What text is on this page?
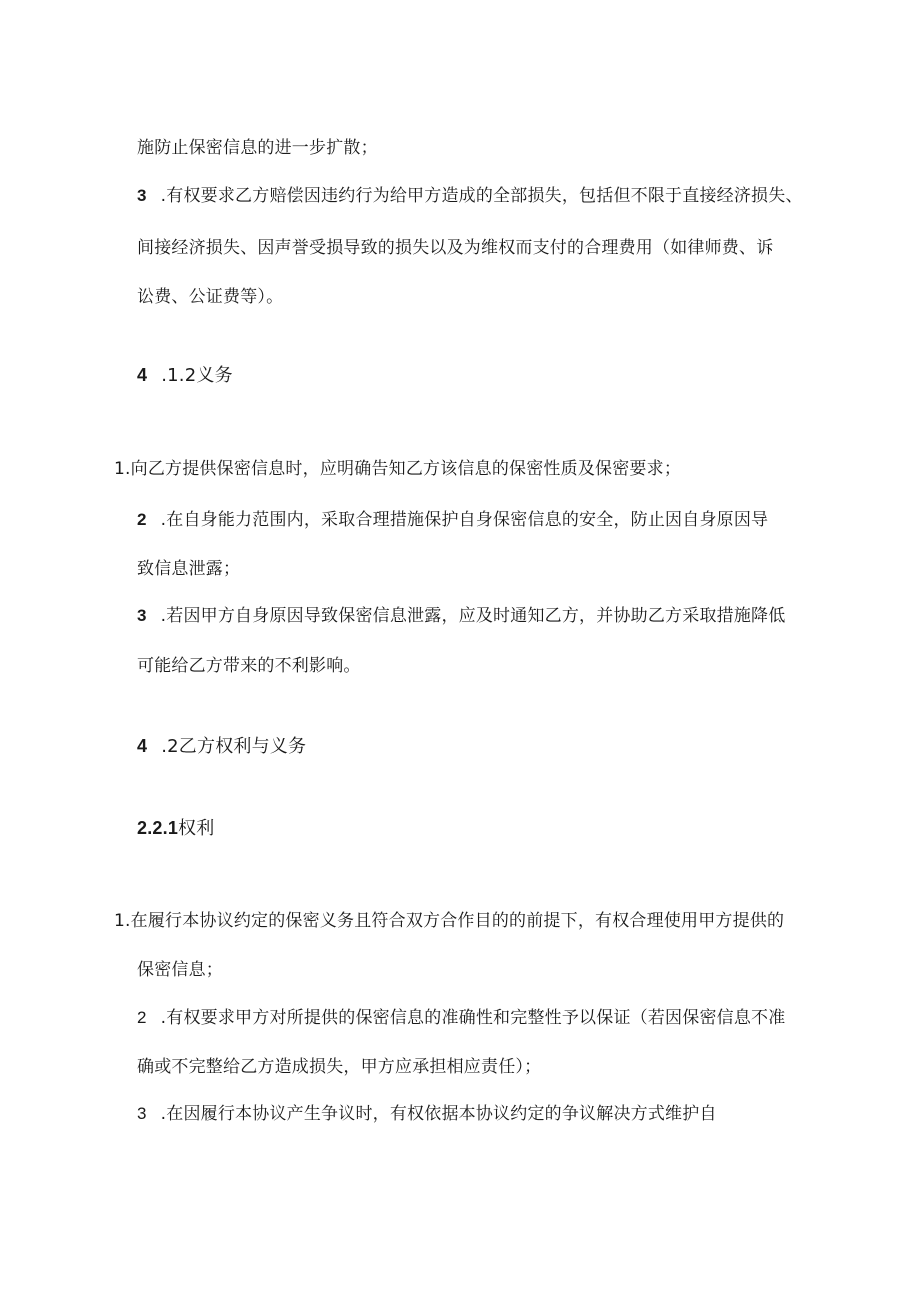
施防止保密信息的进一步扩散；
3 .有权要求乙方赔偿因违约行为给甲方造成的全部损失，包括但不限于直接经济损失、
间接经济损失、因声誉受损导致的损失以及为维权而支付的合理费用（如律师费、诉
讼费、公证费等）。
4 .1.2义务
1.向乙方提供保密信息时，应明确告知乙方该信息的保密性质及保密要求；
2 .在自身能力范围内，采取合理措施保护自身保密信息的安全，防止因自身原因导
致信息泄露；
3 .若因甲方自身原因导致保密信息泄露，应及时通知乙方，并协助乙方采取措施降低
可能给乙方带来的不利影响。
4 .2乙方权利与义务
2.2.1权利
1.在履行本协议约定的保密义务且符合双方合作目的的前提下，有权合理使用甲方提供的
保密信息；
2 .有权要求甲方对所提供的保密信息的准确性和完整性予以保证（若因保密信息不准
确或不完整给乙方造成损失，甲方应承担相应责任）；
3 .在因履行本协议产生争议时，有权依据本协议约定的争议解决方式维护自
